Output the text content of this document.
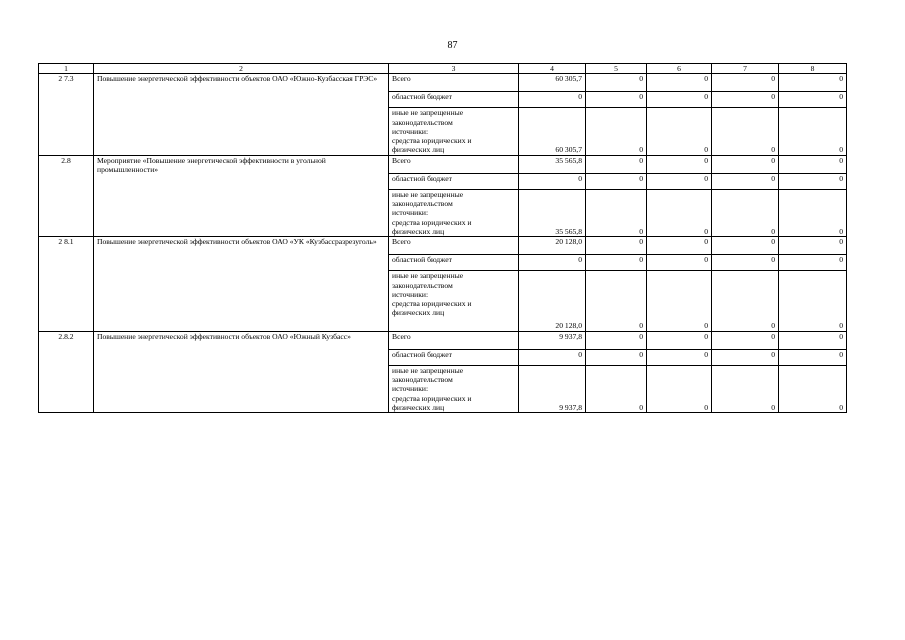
87
1	2	3	4	5	6	7	8
2 7.3	Повышение энергетической эффективности объектов ОАО «Южно-Кузбасская ГРЭС»	Всего	60 305,7	0	0	0	0
		областной бюджет	0	0	0	0	0

		иные не запрещенные
законодательством
источники:
средства юридических и
физических лиц	60 305,7	0	0	0	0
2.8	Мероприятие «Повышение энергетической эффективности в угольной промышленности»	Всего	35 565,8	0	0	0	0
		областной бюджет	0	0	0	0	0

		иные не запрещенные
законодательством
источники:
средства юридических и
физических лиц	35 565,8	0	0	0	0
2 8.1	Повышение энергетической эффективности объектов ОАО «УК «Кузбассразрезуголь»	Всего	20 128,0	0	0	0	0
		областной бюджет	0	0	0	0	0

		иные не запрещенные
законодательством
источники:
средства юридических и
физических лиц	20 128,0	0	0	0	0
2.8.2	Повышение энергетической эффективности объектов ОАО «Южный Кузбасс»	Всего	9 937,8	0	0	0	0
		областной бюджет	0	0	0	0	0

		иные не запрещенные
законодательством
источники:
средства юридических и
физических лиц	9 937,8	0	0	0	0
